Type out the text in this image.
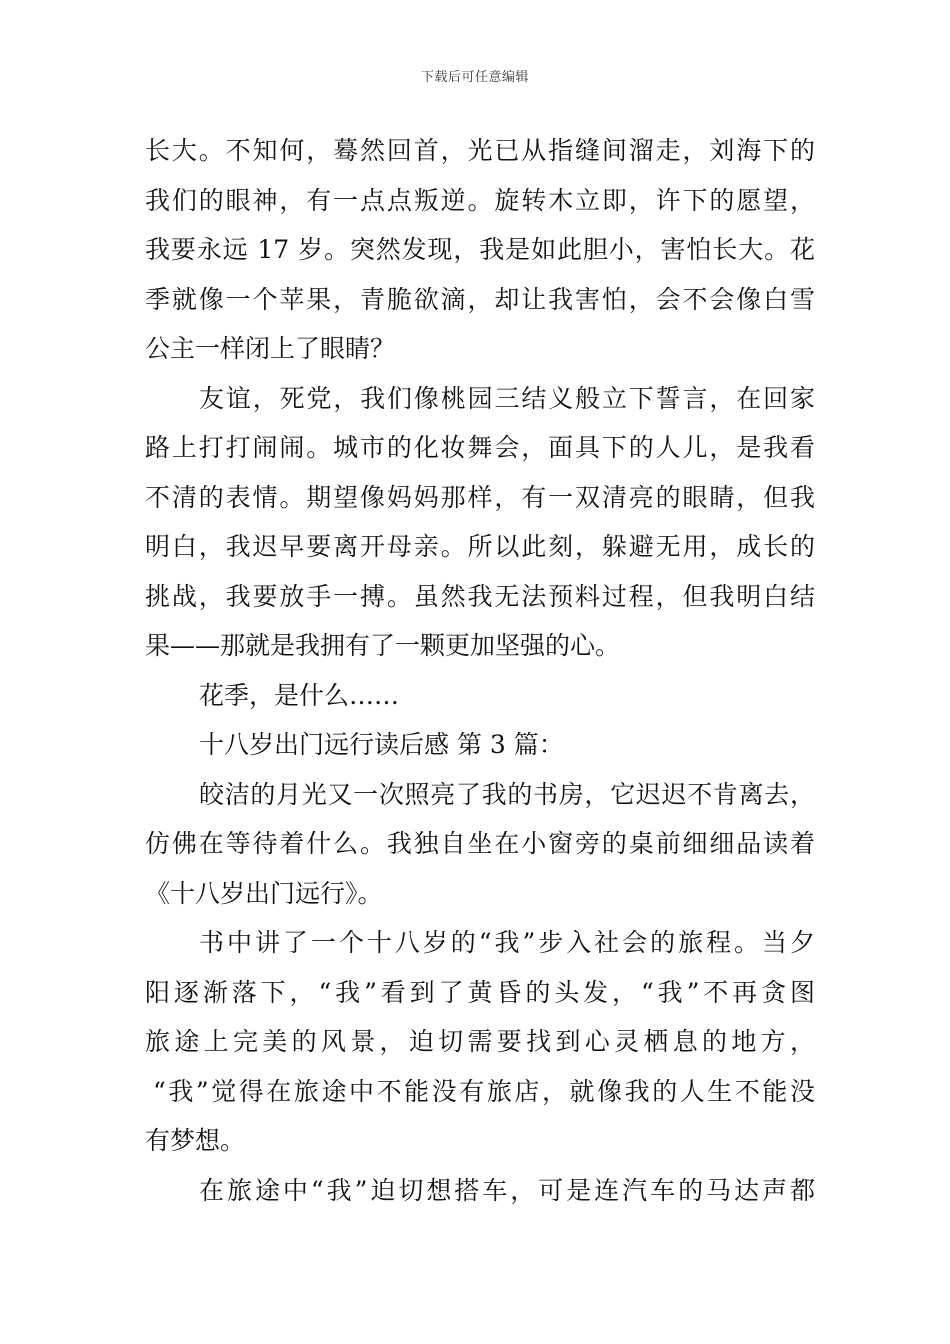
下载后可任意编辑
长大。不知何，蓦然回首，光已从指缝间溜走，刘海下的
我们的眼神，有一点点叛逆。旋转木立即，许下的愿望，
我要永远 17 岁。突然发现，我是如此胆小，害怕长大。花
季就像一个苹果，青脆欲滴，却让我害怕，会不会像白雪
公主一样闭上了眼睛？
友谊，死党，我们像桃园三结义般立下誓言，在回家
路上打打闹闹。城市的化妆舞会，面具下的人儿，是我看
不清的表情。期望像妈妈那样，有一双清亮的眼睛，但我
明白，我迟早要离开母亲。所以此刻，躲避无用，成长的
挑战，我要放手一搏。虽然我无法预料过程，但我明白结
果——那就是我拥有了一颗更加坚强的心。
花季，是什么……
十八岁出门远行读后感 第 3 篇：
皎洁的月光又一次照亮了我的书房，它迟迟不肯离去，
仿佛在等待着什么。我独自坐在小窗旁的桌前细细品读着
《十八岁出门远行》。
书中讲了一个十八岁的“我”步入社会的旅程。当夕
阳逐渐落下，“我”看到了黄昏的头发，“我”不再贪图
旅途上完美的风景，迫切需要找到心灵栖息的地方，
“我”觉得在旅途中不能没有旅店，就像我的人生不能没
有梦想。
在旅途中“我”迫切想搭车，可是连汽车的马达声都
